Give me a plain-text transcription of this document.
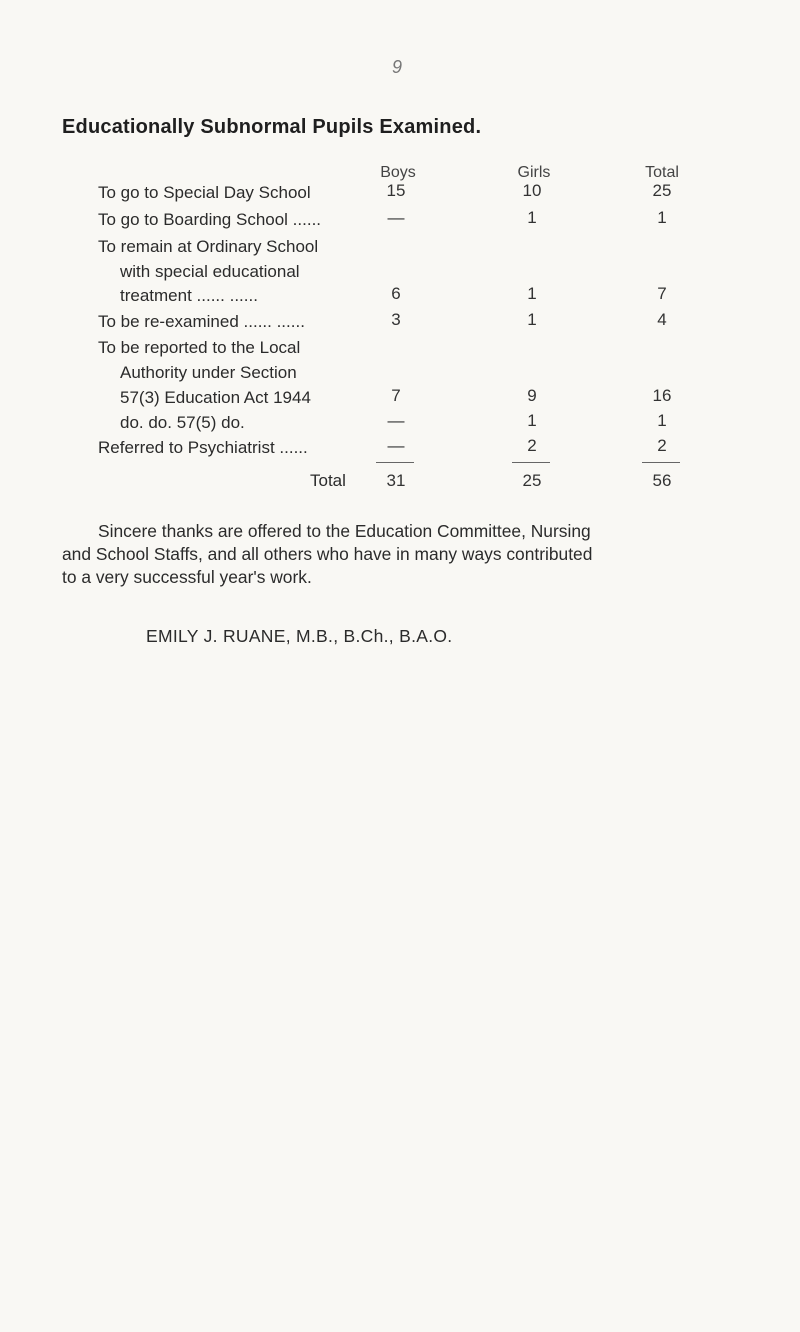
9
Educationally Subnormal Pupils Examined.
Boys	Girls	Total
To go to Special Day School	15	10	25
To go to Boarding School ......	—	1	1
To remain at Ordinary School
with special educational
treatment ...... ......	6	1	7
To be re-examined ...... ......	3	1	4
To be reported to the Local
Authority under Section
57(3) Education Act 1944	7	9	16
do. do. 57(5) do.	—	1	1
Referred to Psychiatrist ......	—	2	2
Total	31	25	56
Sincere thanks are offered to the Education Committee, Nursing
and School Staffs, and all others who have in many ways contributed
to a very successful year's work.
EMILY J. RUANE, M.B., B.Ch., B.A.O.
